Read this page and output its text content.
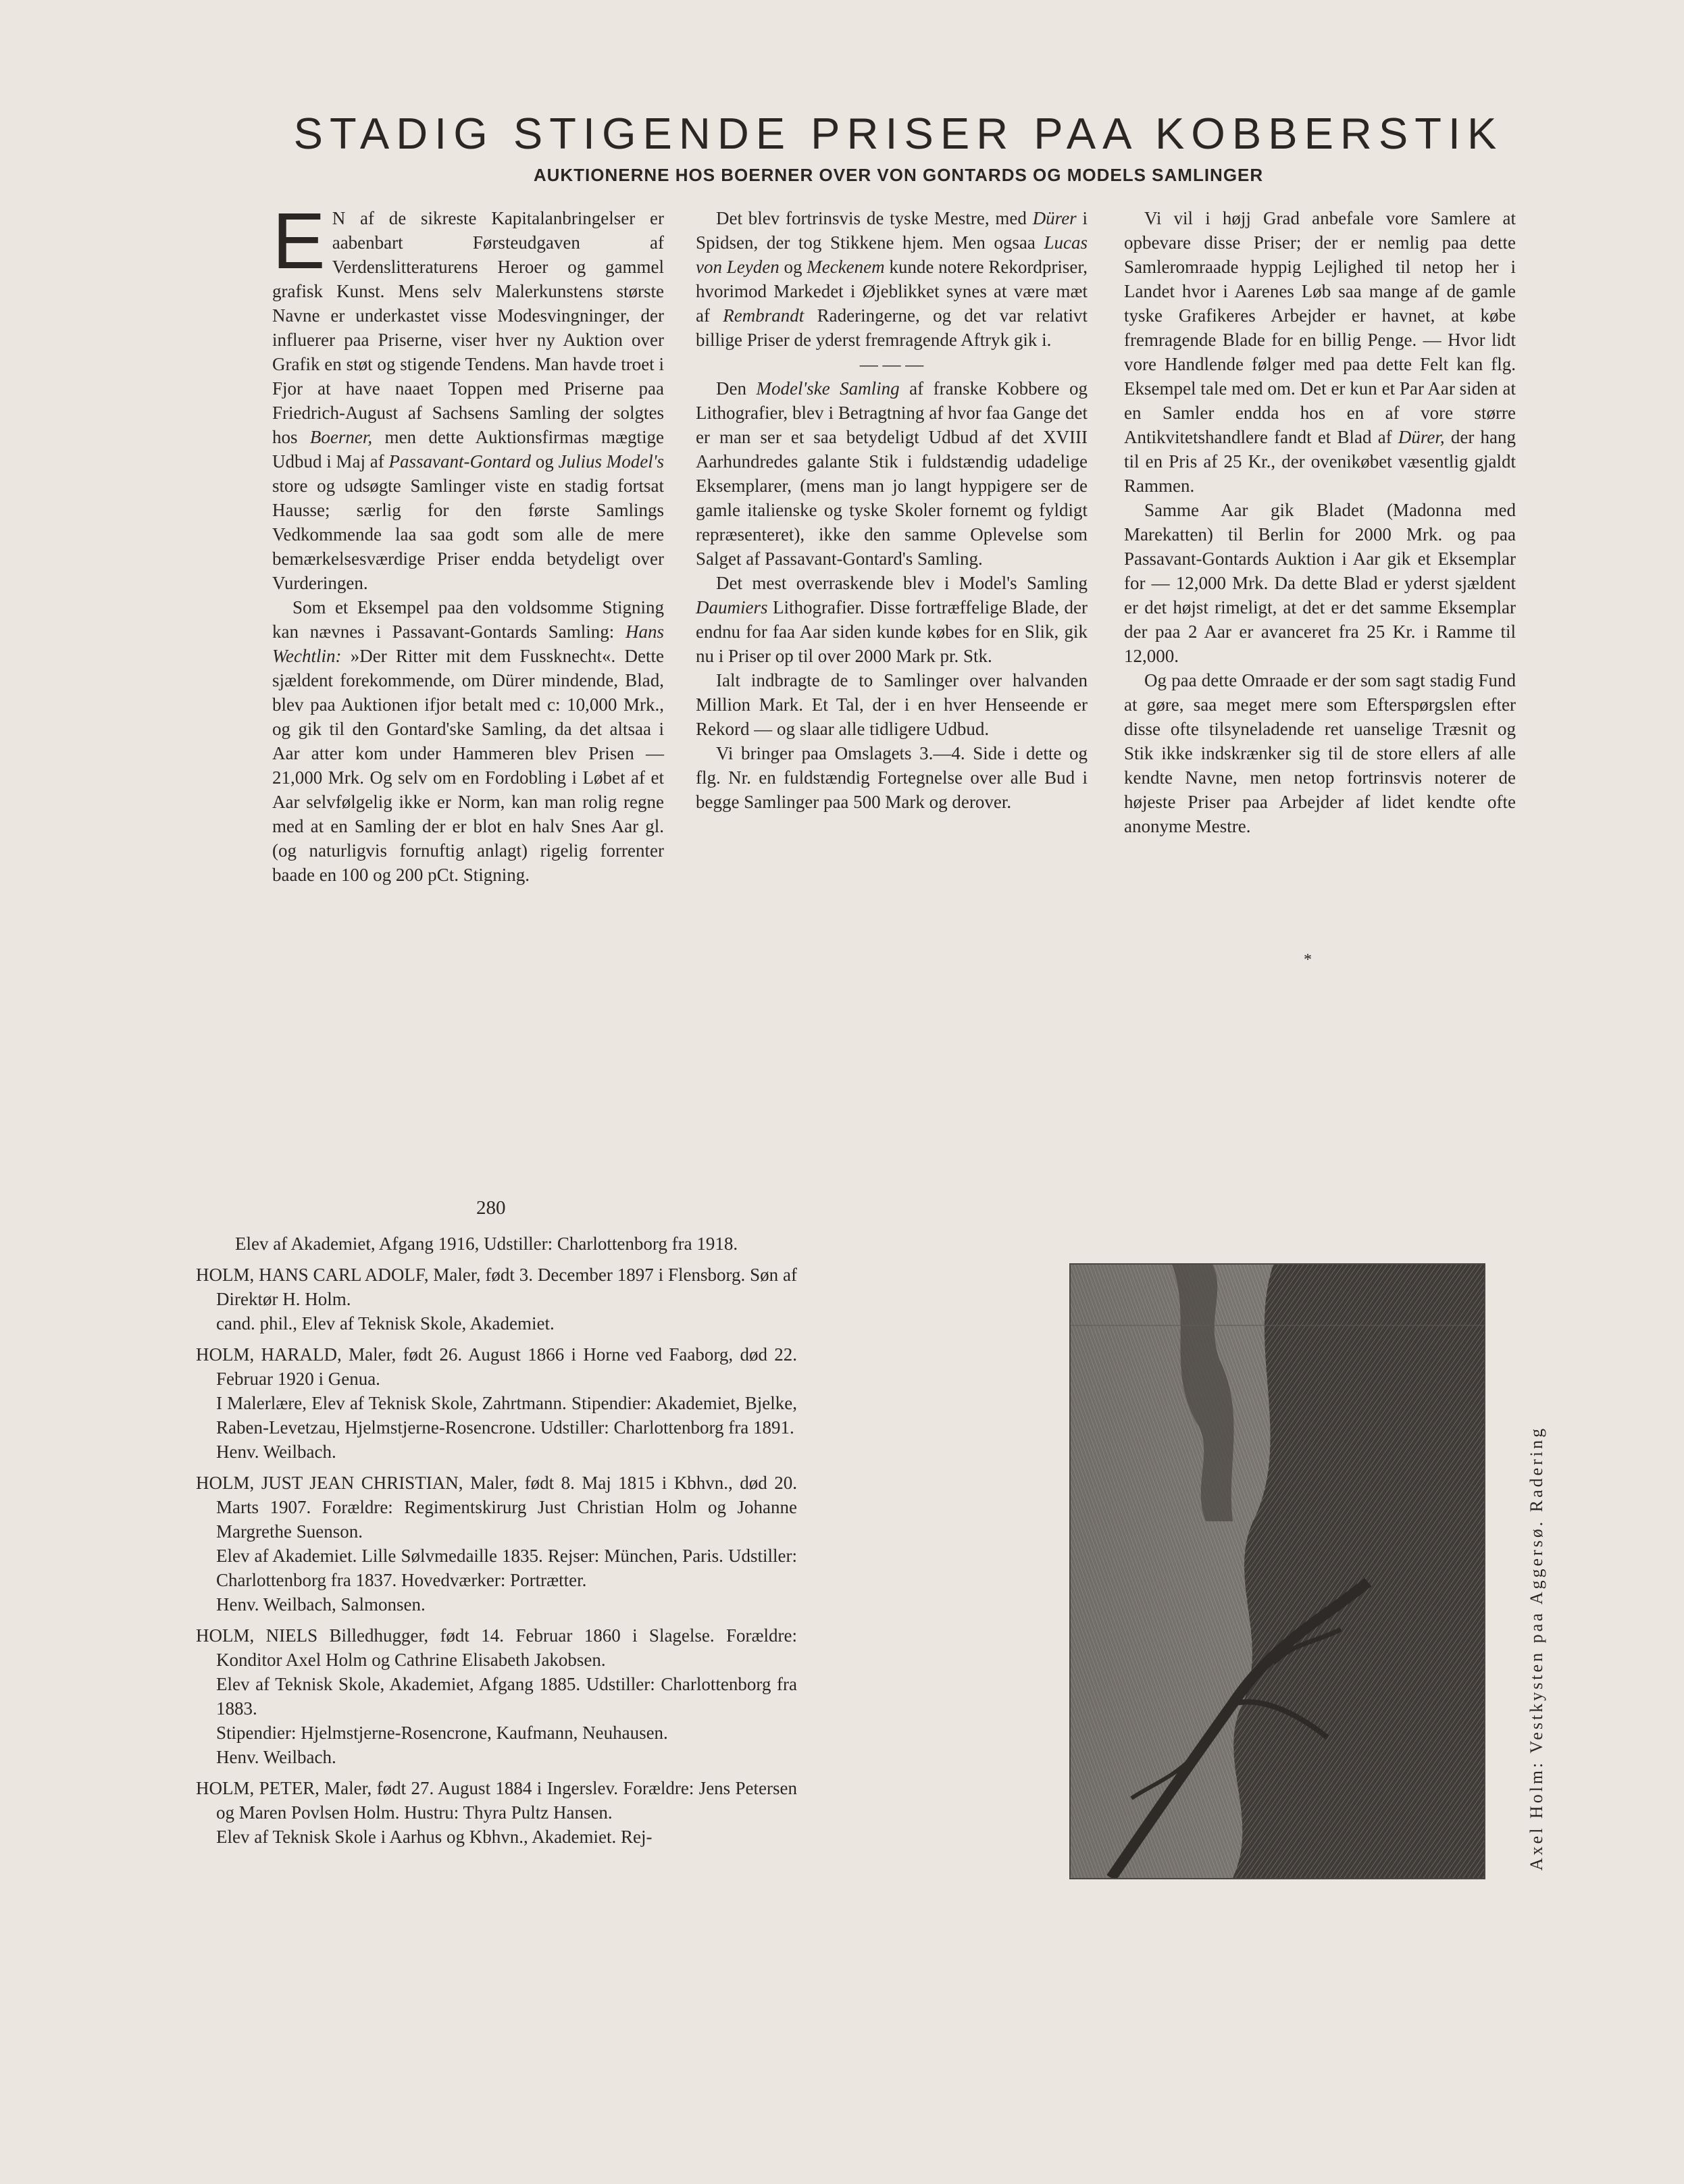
STADIG STIGENDE PRISER PAA KOBBERSTIK
AUKTIONERNE HOS BOERNER OVER VON GONTARDS OG MODELS SAMLINGER

E N af de sikreste Kapitalanbringelser er aabenbart Førsteudgaven af Verdenslitteraturens Heroer og gammel grafisk Kunst. Mens selv Malerkunstens største Navne er underkastet visse Modesvingninger, der influerer paa Priserne, viser hver ny Auktion over Grafik en støt og stigende Tendens. Man havde troet i Fjor at have naaet Toppen med Priserne paa Friedrich-August af Sachsens Samling der solgtes hos Boerner, men dette Auktionsfirmas mægtige Udbud i Maj af Passavant-Gontard og Julius Model's store og udsøgte Samlinger viste en stadig fortsat Hausse; særlig for den første Samlings Vedkommende laa saa godt som alle de mere bemærkelsesværdige Priser endda betydeligt over Vurderingen.

Som et Eksempel paa den voldsomme Stigning kan nævnes i Passavant-Gontards Samling: Hans Wechtlin: »Der Ritter mit dem Fussknecht«. Dette sjældent forekommende, om Dürer mindende, Blad, blev paa Auktionen ifjor betalt med c: 10,000 Mrk., og gik til den Gontard'ske Samling, da det altsaa i Aar atter kom under Hammeren blev Prisen — 21,000 Mrk. Og selv om en Fordobling i Løbet af et Aar selvfølgelig ikke er Norm, kan man rolig regne med at en Samling der er blot en halv Snes Aar gl. (og naturligvis fornuftig anlagt) rigelig forrenter baade en 100 og 200 pCt. Stigning.

Det blev fortrinsvis de tyske Mestre, med Dürer i Spidsen, der tog Stikkene hjem. Men ogsaa Lucas von Leyden og Meckenem kunde notere Rekordpriser, hvorimod Markedet i Øjeblikket synes at være mæt af Rembrandt Raderingerne, og det var relativt billige Priser de yderst fremragende Aftryk gik i.

— — —

Den Model'ske Samling af franske Kobbere og Lithografier, blev i Betragtning af hvor faa Gange det er man ser et saa betydeligt Udbud af det XVIII Aarhundredes galante Stik i fuldstændig udadelige Eksemplarer, (mens man jo langt hyppigere ser de gamle italienske og tyske Skoler fornemt og fyldigt repræsenteret), ikke den samme Oplevelse som Salget af Passavant-Gontard's Samling.

Det mest overraskende blev i Model's Samling Daumiers Lithografier. Disse fortræffelige Blade, der endnu for faa Aar siden kunde købes for en Slik, gik nu i Priser op til over 2000 Mark pr. Stk.

Ialt indbragte de to Samlinger over halvanden Million Mark. Et Tal, der i en hver Henseende er Rekord — og slaar alle tidligere Udbud.

Vi bringer paa Omslagets 3.—4. Side i dette og flg. Nr. en fuldstændig Fortegnelse over alle Bud i begge Samlinger paa 500 Mark og derover.

Vi vil i højj Grad anbefale vore Samlere at opbevare disse Priser; der er nemlig paa dette Samleromraade hyppig Lejlighed til netop her i Landet hvor i Aarenes Løb saa mange af de gamle tyske Grafikeres Arbejder er havnet, at købe fremragende Blade for en billig Penge. — Hvor lidt vore Handlende følger med paa dette Felt kan flg. Eksempel tale med om. Det er kun et Par Aar siden at en Samler endda hos en af vore større Antikvitetshandlere fandt et Blad af Dürer, der hang til en Pris af 25 Kr., der ovenikøbet væsentlig gjaldt Rammen.

Samme Aar gik Bladet (Madonna med Marekatten) til Berlin for 2000 Mrk. og paa Passavant-Gontards Auktion i Aar gik et Eksemplar for — 12,000 Mrk. Da dette Blad er yderst sjældent er det højst rimeligt, at det er det samme Eksemplar der paa 2 Aar er avanceret fra 25 Kr. i Ramme til 12,000.

Og paa dette Omraade er der som sagt stadig Fund at gøre, saa meget mere som Efterspørgslen efter disse ofte tilsyneladende ret uanselige Træsnit og Stik ikke indskrænker sig til de store ellers af alle kendte Navne, men netop fortrinsvis noterer de højeste Priser paa Arbejder af lidet kendte ofte anonyme Mestre.

*
280

Elev af Akademiet, Afgang 1916, Udstiller: Charlottenborg fra 1918.

HOLM, HANS CARL ADOLF, Maler, født 3. December 1897 i Flensborg. Søn af Direktør H. Holm.

cand. phil., Elev af Teknisk Skole, Akademiet.

HOLM, HARALD, Maler, født 26. August 1866 i Horne ved Faaborg, død 22. Februar 1920 i Genua.

I Malerlære, Elev af Teknisk Skole, Zahrtmann. Stipendier: Akademiet, Bjelke, Raben-Levetzau, Hjelmstjerne-Rosencrone. Udstiller: Charlottenborg fra 1891.

Henv. Weilbach.

HOLM, JUST JEAN CHRISTIAN, Maler, født 8. Maj 1815 i Kbhvn., død 20. Marts 1907. Forældre: Regimentskirurg Just Christian Holm og Johanne Margrethe Suenson.

Elev af Akademiet. Lille Sølvmedaille 1835. Rejser: München, Paris. Udstiller: Charlottenborg fra 1837. Hovedværker: Portrætter.

Henv. Weilbach, Salmonsen.

HOLM, NIELS Billedhugger, født 14. Februar 1860 i Slagelse. Forældre: Konditor Axel Holm og Cathrine Elisabeth Jakobsen.

Elev af Teknisk Skole, Akademiet, Afgang 1885. Udstiller: Charlottenborg fra 1883.

Stipendier: Hjelmstjerne-Rosencrone, Kaufmann, Neuhausen.

Henv. Weilbach.

HOLM, PETER, Maler, født 27. August 1884 i Ingerslev. Forældre: Jens Petersen og Maren Povlsen Holm. Hustru: Thyra Pultz Hansen.

Elev af Teknisk Skole i Aarhus og Kbhvn., Akademiet. Rej-	Axel Holm: Vestkysten paa Aggersø. Radering
